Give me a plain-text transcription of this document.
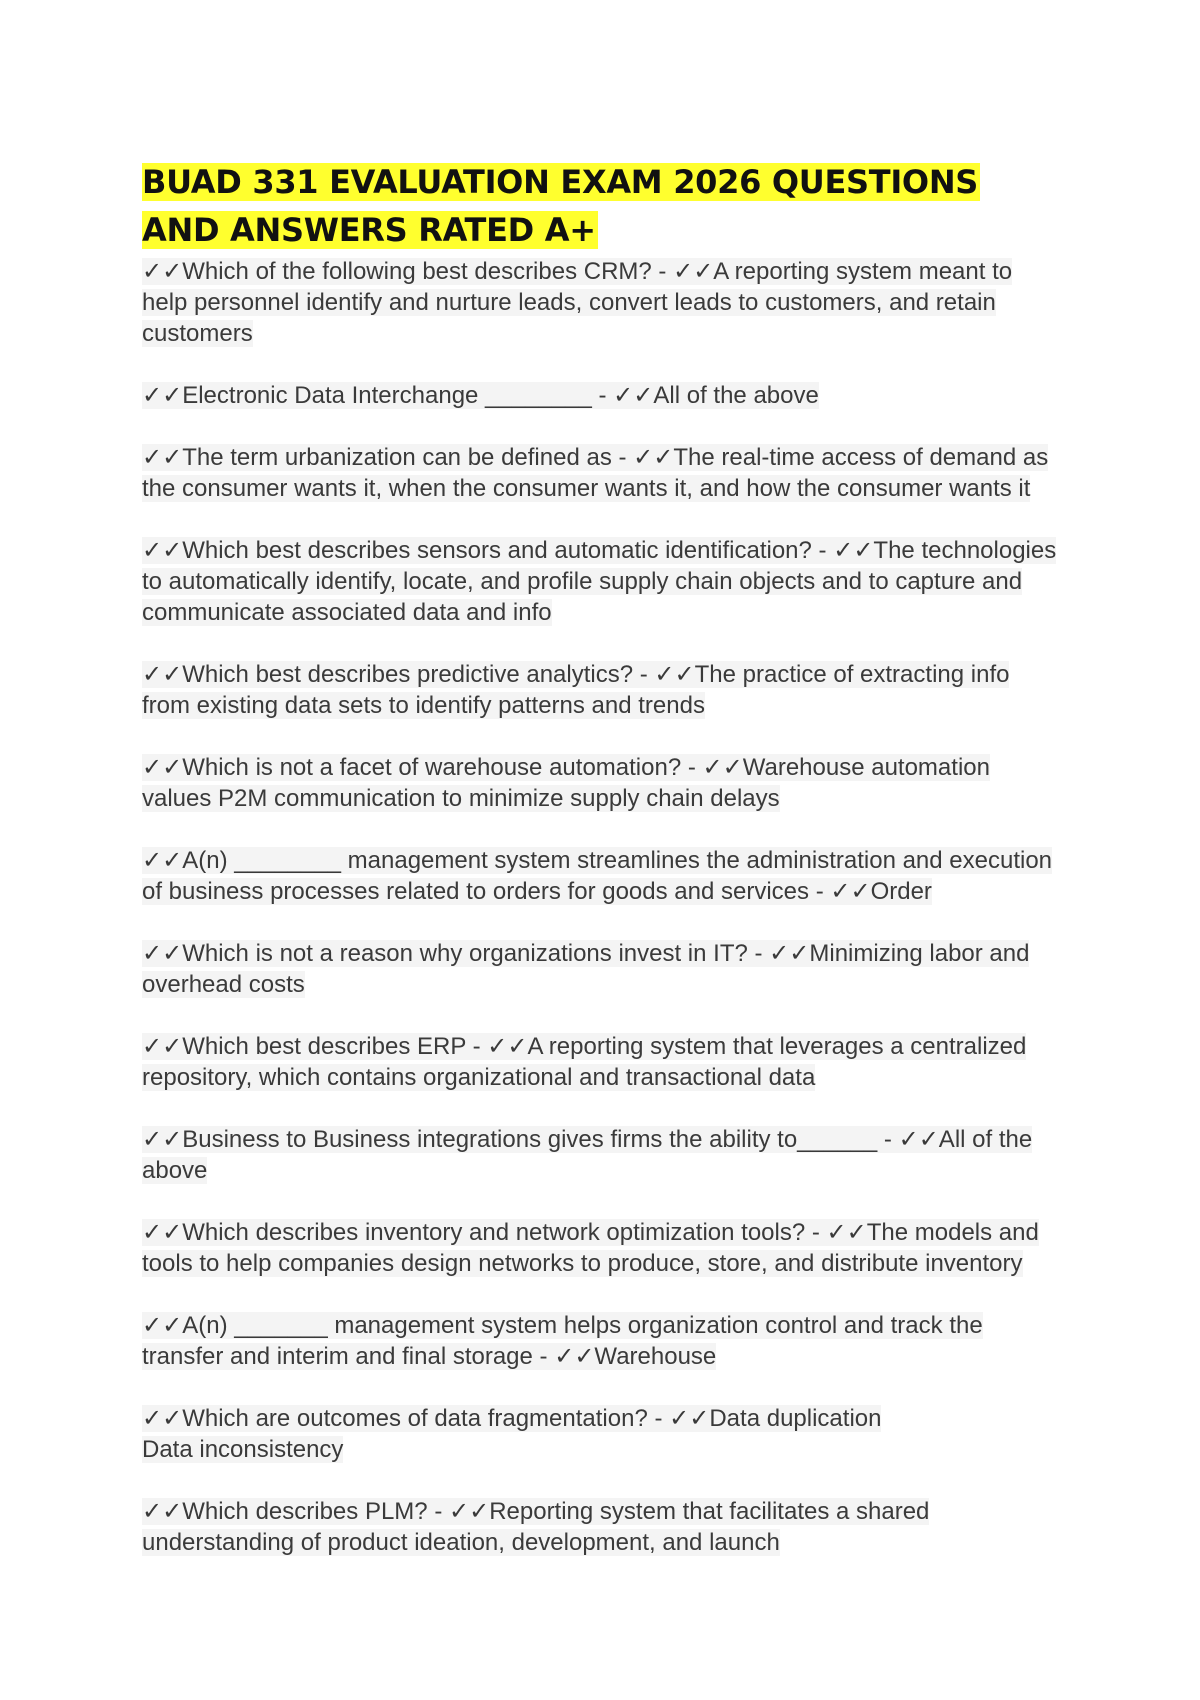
BUAD 331 EVALUATION EXAM 2026 QUESTIONS AND ANSWERS RATED A+
✓✓Which of the following best describes CRM? - ✓✓A reporting system meant to help personnel identify and nurture leads, convert leads to customers, and retain customers
✓✓Electronic Data Interchange ________ - ✓✓All of the above
✓✓The term urbanization can be defined as - ✓✓The real-time access of demand as the consumer wants it, when the consumer wants it, and how the consumer wants it
✓✓Which best describes sensors and automatic identification? - ✓✓The technologies to automatically identify, locate, and profile supply chain objects and to capture and communicate associated data and info
✓✓Which best describes predictive analytics? - ✓✓The practice of extracting info from existing data sets to identify patterns and trends
✓✓Which is not a facet of warehouse automation? - ✓✓Warehouse automation values P2M communication to minimize supply chain delays
✓✓A(n) ________ management system streamlines the administration and execution of business processes related to orders for goods and services - ✓✓Order
✓✓Which is not a reason why organizations invest in IT? - ✓✓Minimizing labor and overhead costs
✓✓Which best describes ERP - ✓✓A reporting system that leverages a centralized repository, which contains organizational and transactional data
✓✓Business to Business integrations gives firms the ability to______ - ✓✓All of the above
✓✓Which describes inventory and network optimization tools? - ✓✓The models and tools to help companies design networks to produce, store, and distribute inventory
✓✓A(n) _______ management system helps organization control and track the transfer and interim and final storage - ✓✓Warehouse
✓✓Which are outcomes of data fragmentation? - ✓✓Data duplication
Data inconsistency
✓✓Which describes PLM? - ✓✓Reporting system that facilitates a shared understanding of product ideation, development, and launch
